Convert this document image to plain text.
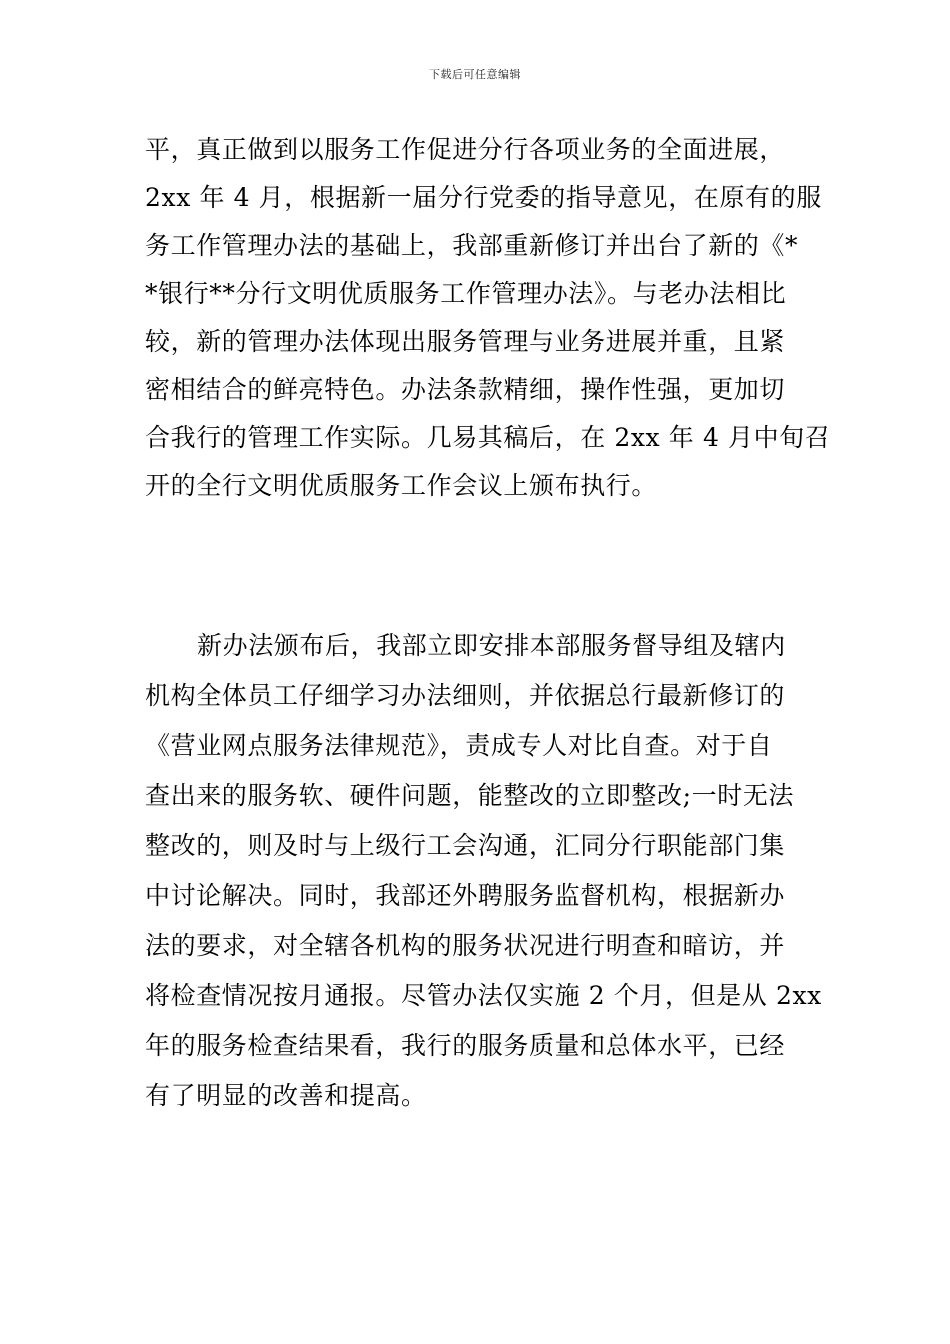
下载后可任意编辑
平，真正做到以服务工作促进分行各项业务的全面进展，
2xx 年 4 月，根据新一届分行党委的指导意见，在原有的服
务工作管理办法的基础上，我部重新修订并出台了新的《*
*银行**分行文明优质服务工作管理办法》。与老办法相比
较，新的管理办法体现出服务管理与业务进展并重，且紧
密相结合的鲜亮特色。办法条款精细，操作性强，更加切
合我行的管理工作实际。几易其稿后，在 2xx 年 4 月中旬召
开的全行文明优质服务工作会议上颁布执行。
新办法颁布后，我部立即安排本部服务督导组及辖内
机构全体员工仔细学习办法细则，并依据总行最新修订的
《营业网点服务法律规范》，责成专人对比自查。对于自
查出来的服务软、硬件问题，能整改的立即整改;一时无法
整改的，则及时与上级行工会沟通，汇同分行职能部门集
中讨论解决。同时，我部还外聘服务监督机构，根据新办
法的要求，对全辖各机构的服务状况进行明查和暗访，并
将检查情况按月通报。尽管办法仅实施 2 个月，但是从 2xx
年的服务检查结果看，我行的服务质量和总体水平，已经
有了明显的改善和提高。
